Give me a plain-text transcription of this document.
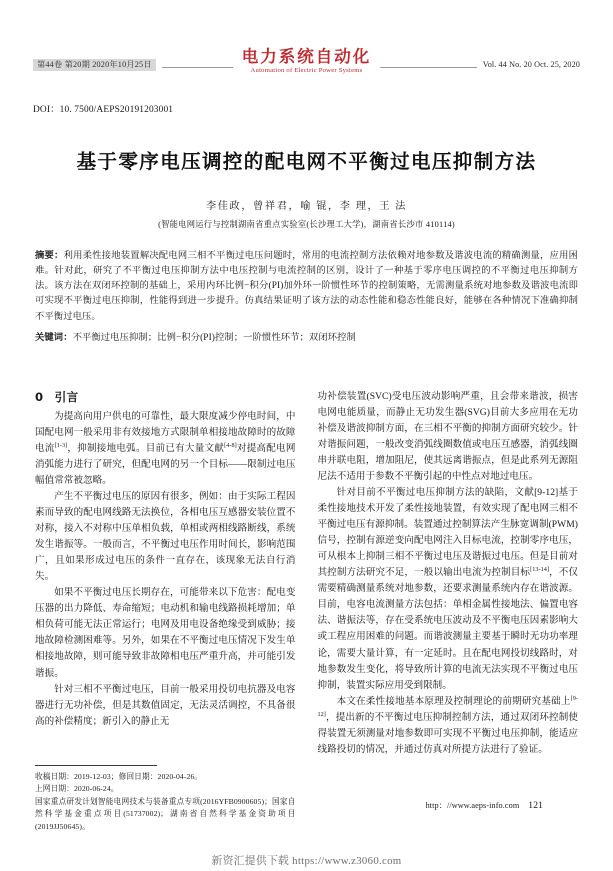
第44卷 第20期 2020年10月25日	电力系统自动化
Automation of Electric Power Systems
Vol. 44 No. 20 Oct. 25, 2020
DOI：10. 7500/AEPS20191203001
基于零序电压调控的配电网不平衡过电压抑制方法
李佳政，曾祥君，喻 锟，李 理，王 法
(智能电网运行与控制湖南省重点实验室(长沙理工大学)，湖南省长沙市 410114)
摘要：利用柔性接地装置解决配电网三相不平衡过电压问题时，常用的电流控制方法依赖对地参数及谐波电流的精确测量，应用困难。针对此，研究了不平衡过电压抑制方法中电压控制与电流控制的区别，设计了一种基于零序电压调控的不平衡过电压抑制方法。该方法在双闭环控制的基础上，采用内环比例−积分(PI)加外环一阶惯性环节的控制策略，无需测量系统对地参数及谐波电流即可实现不平衡过电压抑制，性能得到进一步提升。仿真结果证明了该方法的动态性能和稳态性能良好，能够在各种情况下准确抑制不平衡过电压。
关键词：不平衡过电压抑制；比例−积分(PI)控制；一阶惯性环节；双闭环控制
0 引言

为提高向用户供电的可靠性，最大限度减少停电时间，中国配电网一般采用非有效接地方式限制单相接地故障时的故障电流[1-3]，抑制接地电弧。目前已有大量文献[4-8]对提高配电网消弧能力进行了研究，但配电网的另一个目标——限制过电压幅值常常被忽略。

产生不平衡过电压的原因有很多，例如：由于实际工程因素而导致的配电网线路无法换位，各相电压互感器安装位置不对称，接入不对称中压单相负载，单相或两相线路断线，系统发生谐振等。一般而言，不平衡过电压作用时间长，影响范围广，且如果形成过电压的条件一直存在，该现象无法自行消失。

如果不平衡过电压长期存在，可能带来以下危害：配电变压器的出力降低、寿命缩短；电动机和输电线路损耗增加；单相负荷可能无法正常运行；电网及用电设备绝缘受到威胁；接地故障检测困难等。另外，如果在不平衡过电压情况下发生单相接地故障，则可能导致非故障相电压严重升高，并可能引发谐振。

针对三相不平衡过电压，目前一般采用投切电抗器及电容器进行无功补偿，但是其数值固定，无法灵活调控，不具备很高的补偿精度；新引入的静止无

收稿日期：2019-12-03；修回日期：2020-04-26。

上网日期：2020-06-24。

国家重点研发计划智能电网技术与装备重点专项(2016YFB0900605)；国家自然科学基金重点项目(51737002)；湖南省自然科学基金资助项目(2019JJ50645)。

功补偿装置(SVC)受电压波动影响严重，且会带来谐波，损害电网电能质量，而静止无功发生器(SVG)目前大多应用在无功补偿及谐波抑制方面，在三相不平衡的抑制方面研究较少。针对谐振问题，一般改变消弧线圈数值或电压互感器，消弧线圈串并联电阻，增加阻尼，使其远离谐振点，但是此系列无源阻尼法不适用于参数不平衡引起的中性点对地过电压。

针对目前不平衡过电压抑制方法的缺陷，文献[9-12]基于柔性接地技术开发了柔性接地装置，有效实现了配电网三相不平衡过电压有源抑制。装置通过控制算法产生脉宽调制(PWM)信号，控制有源逆变向配电网注入目标电流，控制零序电压，可从根本上抑制三相不平衡过电压及谐振过电压。但是目前对其控制方法研究不足，一般以输出电流为控制目标[13-14]，不仅需要精确测量系统对地参数，还要求测量系统内存在谐波源。目前，电容电流测量方法包括：单相金属性接地法、偏置电容法、谐振法等，存在受系统电压波动及不平衡电压因素影响大或工程应用困难的问题。而谐波测量主要基于瞬时无功功率理论，需要大量计算，有一定延时。且在配电网投切线路时，对地参数发生变化，将导致所计算的电流无法实现不平衡过电压抑制，装置实际应用受到限制。

本文在柔性接地基本原理及控制理论的前期研究基础上[9-12]，提出新的不平衡过电压抑制控制方法，通过双闭环控制使得装置无须测量对地参数即可实现不平衡过电压抑制，能适应线路投切的情况，并通过仿真对所提方法进行了验证。

http：//www.aeps-info.com 121
新资汇提供下载 https://www.z3060.com
